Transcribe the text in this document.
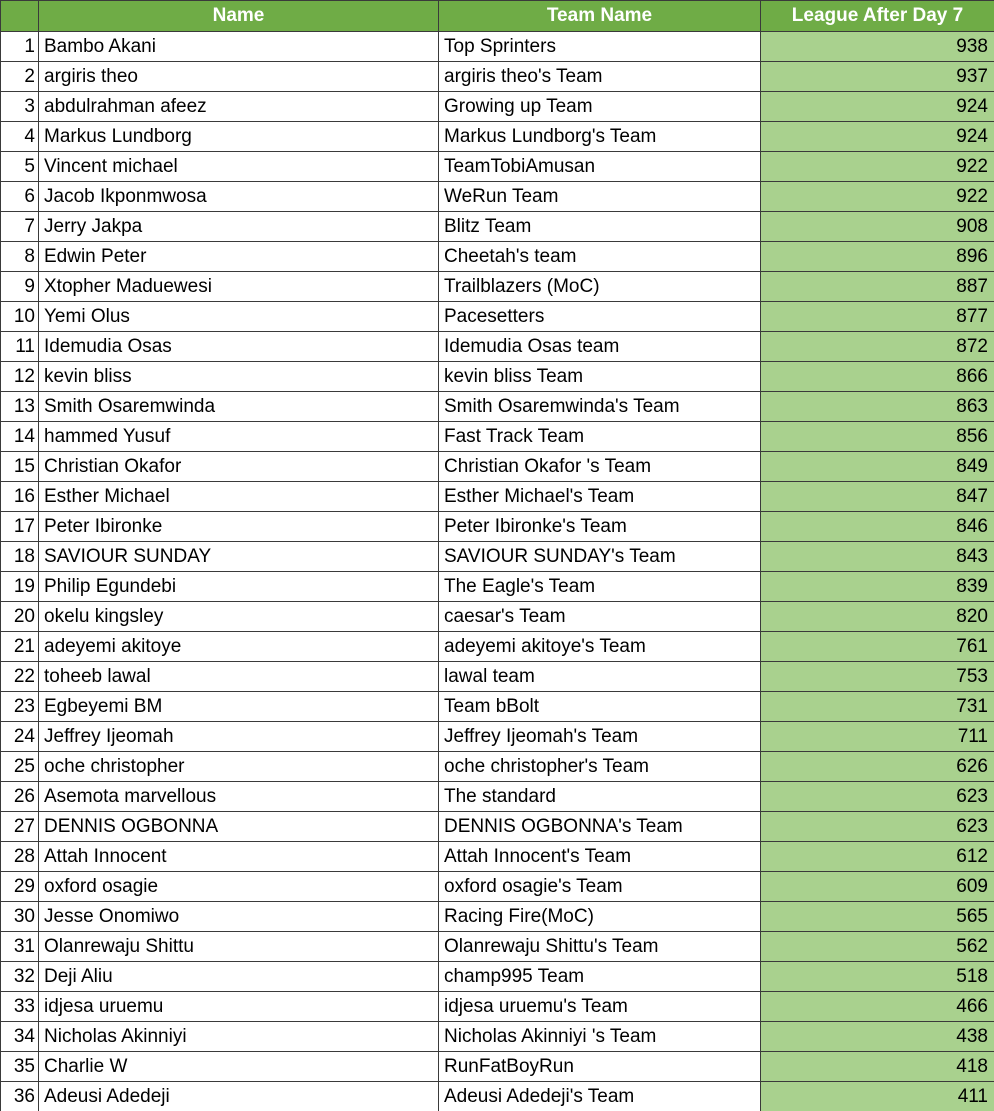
	Name	Team Name	League After Day 7
1	Bambo Akani	Top Sprinters	938
2	argiris theo	argiris theo's Team	937
3	abdulrahman afeez	Growing up Team	924
4	Markus Lundborg	Markus Lundborg's Team	924
5	Vincent michael	TeamTobiAmusan	922
6	Jacob Ikponmwosa	WeRun Team	922
7	Jerry Jakpa	Blitz Team	908
8	Edwin Peter	Cheetah's team	896
9	Xtopher Maduewesi	Trailblazers (MoC)	887
10	Yemi Olus	Pacesetters	877
11	Idemudia Osas	Idemudia Osas team	872
12	kevin bliss	kevin bliss Team	866
13	Smith Osaremwinda	Smith Osaremwinda's Team	863
14	hammed Yusuf	Fast Track Team	856
15	Christian Okafor	Christian Okafor 's Team	849
16	Esther Michael	Esther Michael's Team	847
17	Peter Ibironke	Peter Ibironke's Team	846
18	SAVIOUR SUNDAY	SAVIOUR SUNDAY's Team	843
19	Philip Egundebi	The Eagle's Team	839
20	okelu kingsley	caesar's Team	820
21	adeyemi akitoye	adeyemi akitoye's Team	761
22	toheeb lawal	lawal team	753
23	Egbeyemi BM	Team bBolt	731
24	Jeffrey Ijeomah	Jeffrey Ijeomah's Team	711
25	oche christopher	oche christopher's Team	626
26	Asemota marvellous	The standard	623
27	DENNIS OGBONNA	DENNIS OGBONNA's Team	623
28	Attah Innocent	Attah Innocent's Team	612
29	oxford osagie	oxford osagie's Team	609
30	Jesse Onomiwo	Racing Fire(MoC)	565
31	Olanrewaju Shittu	Olanrewaju Shittu's Team	562
32	Deji Aliu	champ995 Team	518
33	idjesa uruemu	idjesa uruemu's Team	466
34	Nicholas Akinniyi	Nicholas Akinniyi 's Team	438
35	Charlie W	RunFatBoyRun	418
36	Adeusi Adedeji	Adeusi Adedeji's Team	411
